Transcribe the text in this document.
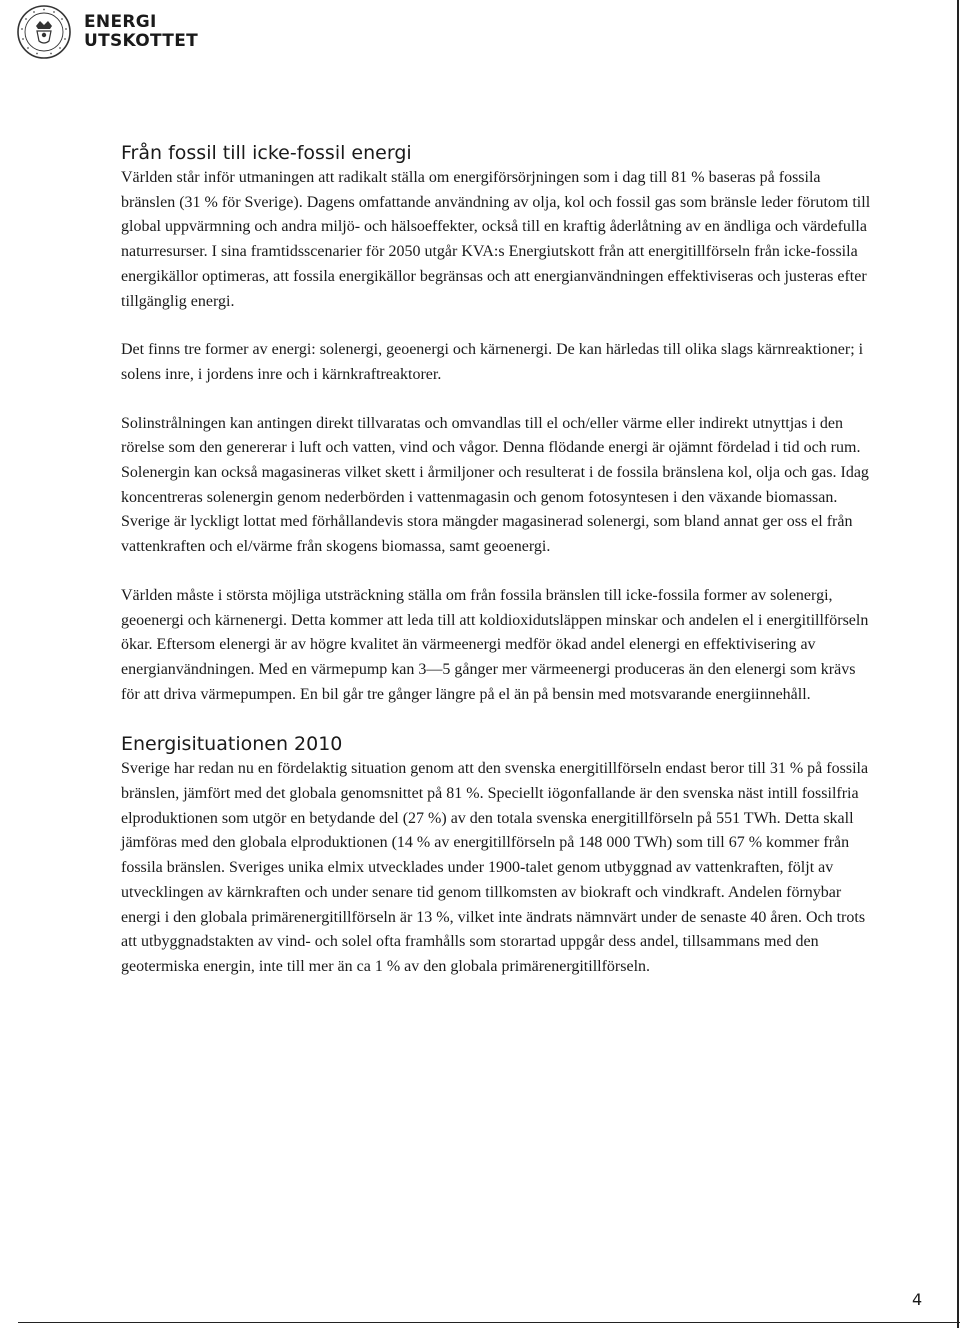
ENERGI
UTSKOTTET
Från fossil till icke-fossil energi

Världen står inför utmaningen att radikalt ställa om energiförsörjningen som i dag till 81 % baseras på fossila bränslen (31 % för Sverige). Dagens omfattande användning av olja, kol och fossil gas som bränsle leder förutom till global uppvärmning och andra miljö- och hälsoeffekter, också till en kraftig åderlåtning av en ändliga och värdefulla naturresurser. I sina framtidsscenarier för 2050 utgår KVA:s Energiutskott från att energitillförseln från icke-fossila energikällor optimeras, att fossila energikällor begränsas och att energianvändningen effektiviseras och justeras efter tillgänglig energi.

Det finns tre former av energi: solenergi, geoenergi och kärnenergi. De kan härledas till olika slags kärnreaktioner; i solens inre, i jordens inre och i kärnkraftreaktorer.

Solinstrålningen kan antingen direkt tillvaratas och omvandlas till el och/eller värme eller indirekt utnyttjas i den rörelse som den genererar i luft och vatten, vind och vågor. Denna flödande energi är ojämnt fördelad i tid och rum. Solenergin kan också magasineras vilket skett i årmiljoner och resulterat i de fossila bränslena kol, olja och gas. Idag koncentreras solenergin genom nederbörden i vattenmagasin och genom fotosyntesen i den växande biomassan. Sverige är lyckligt lottat med förhållandevis stora mängder magasinerad solenergi, som bland annat ger oss el från vattenkraften och el/värme från skogens biomassa, samt geoenergi.

Världen måste i största möjliga utsträckning ställa om från fossila bränslen till icke-fossila former av solenergi, geoenergi och kärnenergi. Detta kommer att leda till att koldioxidutsläppen minskar och andelen el i energitillförseln ökar. Eftersom elenergi är av högre kvalitet än värmeenergi medför ökad andel elenergi en effektivisering av energianvändningen. Med en värmepump kan 3—5 gånger mer värmeenergi produceras än den elenergi som krävs för att driva värmepumpen. En bil går tre gånger längre på el än på bensin med motsvarande energiinnehåll.

Energisituationen 2010

Sverige har redan nu en fördelaktig situation genom att den svenska energitillförseln endast beror till 31 % på fossila bränslen, jämfört med det globala genomsnittet på 81 %. Speciellt iögonfallande är den svenska näst intill fossilfria elproduktionen som utgör en betydande del (27 %) av den totala svenska energitillförseln på 551 TWh. Detta skall jämföras med den globala elproduktionen (14 % av energitillförseln på 148 000 TWh) som till 67 % kommer från fossila bränslen. Sveriges unika elmix utvecklades under 1900-talet genom utbyggnad av vattenkraften, följt av utvecklingen av kärnkraften och under senare tid genom tillkomsten av biokraft och vindkraft. Andelen förnybar energi i den globala primärenergitillförseln är 13 %, vilket inte ändrats nämnvärt under de senaste 40 åren. Och trots att utbyggnadstakten av vind- och solel ofta framhålls som storartad uppgår dess andel, tillsammans med den geotermiska energin, inte till mer än ca 1 % av den globala primärenergitillförseln.

4
